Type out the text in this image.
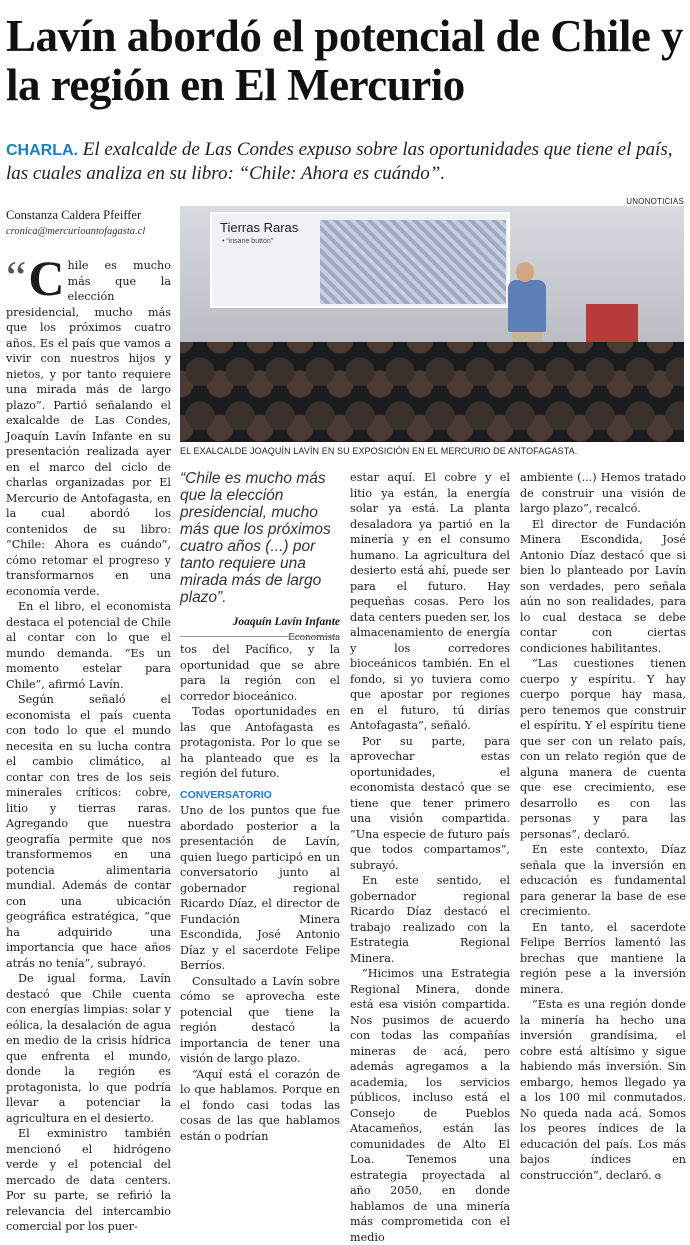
Lavín abordó el potencial de Chile y la región en El Mercurio
CHARLA. El exalcalde de Las Condes expuso sobre las oportunidades que tiene el país, las cuales analiza en su libro: “Chile: Ahora es cuándo”.
Constanza Caldera Pfeiffer
cronica@mercurioantofagasta.cl
UNONOTICIAS
Tierras Raras
• “insane button”
EL EXALCALDE JOAQUÍN LAVÍN EN SU EXPOSICIÓN EN EL MERCURIO DE ANTOFAGASTA.
“ C hile es mucho más que la elección presidencial, mucho más que los próximos cuatro años. Es el país que vamos a vivir con nuestros hijos y nietos, y por tanto requiere una mirada más de largo plazo”. Partió señalando el exalcalde de Las Condes, Joaquín Lavín Infante en su presentación realizada ayer en el marco del ciclo de charlas organizadas por El Mercurio de Antofagasta, en la cual abordó los contenidos de su libro: “Chile: Ahora es cuándo”, cómo retomar el progreso y transformarnos en una economía verde.

En el libro, el economista destaca el potencial de Chile al contar con lo que el mundo demanda. “Es un momento estelar para Chile”, afirmó Lavín.

Según señaló el economista el país cuenta con todo lo que el mundo necesita en su lucha contra el cambio climático, al contar con tres de los seis minerales críticos: cobre, litio y tierras raras. Agregando que nuestra geografía permite que nos transformemos en una potencia alimentaria mundial. Además de contar con una ubicación geográfica estratégica, “que ha adquirido una importancia que hace años atrás no tenía”, subrayó.

De igual forma, Lavín destacó que Chile cuenta con energías limpias: solar y eólica, la desalación de agua en medio de la crisis hídrica que enfrenta el mundo, donde la región es protagonista, lo que podría llevar a potenciar la agricultura en el desierto.

El exministro también mencionó el hidrógeno verde y el potencial del mercado de data centers. Por su parte, se refirió la relevancia del intercambio comercial por los puer-

“Chile es mucho más que la elección presidencial, mucho más que los próximos cuatro años (...) por tanto requiere una mirada más de largo plazo”.
Joaquín Lavín Infante
Economista

tos del Pacífico, y la oportunidad que se abre para la región con el corredor bioceánico.

Todas oportunidades en las que Antofagasta es protagonista. Por lo que se ha planteado que es la región del futuro.

CONVERSATORIO

Uno de los puntos que fue abordado posterior a la presentación de Lavín, quien luego participó en un conversatorio junto al gobernador regional Ricardo Díaz, el director de Fundación Minera Escondida, José Antonio Díaz y el sacerdote Felipe Berríos.

Consultado a Lavín sobre cómo se aprovecha este potencial que tiene la región destacó la importancia de tener una visión de largo plazo.

“Aquí está el corazón de lo que hablamos. Porque en el fondo casi todas las cosas de las que hablamos están o podrían

estar aquí. El cobre y el litio ya están, la energía solar ya está. La planta desaladora ya partió en la minería y en el consumo humano. La agricultura del desierto está ahí, puede ser para el futuro. Hay pequeñas cosas. Pero los data centers pueden ser, los almacenamiento de energía y los corredores bioceánicos también. En el fondo, si yo tuviera como que apostar por regiones en el futuro, tú dirías Antofagasta”, señaló.

Por su parte, para aprovechar estas oportunidades, el economista destacó que se tiene que tener primero una visión compartida. “Una especie de futuro país que todos compartamos”, subrayó.

En este sentido, el gobernador regional Ricardo Díaz destacó el trabajo realizado con la Estrategia Regional Minera.

“Hicimos una Estrategia Regional Minera, donde está esa visión compartida. Nos pusimos de acuerdo con todas las compañías mineras de acá, pero además agregamos a la academia, los servicios públicos, incluso está el Consejo de Pueblos Atacameños, están las comunidades de Alto El Loa. Tenemos una estrategia proyectada al año 2050, en donde hablamos de una minería más comprometida con el medio

ambiente (...) Hemos tratado de construir una visión de largo plazo”, recalcó.

El director de Fundación Minera Escondida, José Antonio Díaz destacó que si bien lo planteado por Lavín son verdades, pero señala aún no son realidades, para lo cual destaca se debe contar con ciertas condiciones habilitantes.

“Las cuestiones tienen cuerpo y espíritu. Y hay cuerpo porque hay masa, pero tenemos que construir el espíritu. Y el espíritu tiene que ser con un relato país, con un relato región que de alguna manera de cuenta que ese crecimiento, ese desarrollo es con las personas y para las personas”, declaró.

En este contexto, Díaz señala que la inversión en educación es fundamental para generar la base de ese crecimiento.

En tanto, el sacerdote Felipe Berríos lamentó las brechas que mantiene la región pese a la inversión minera.

“Esta es una región donde la minería ha hecho una inversión grandísima, el cobre está altísimo y sigue habiendo más inversión. Sin embargo, hemos llegado ya a los 100 mil conmutados. No queda nada acá. Somos los peores índices de la educación del país. Los más bajos índices en construcción”, declaró. ɞ
